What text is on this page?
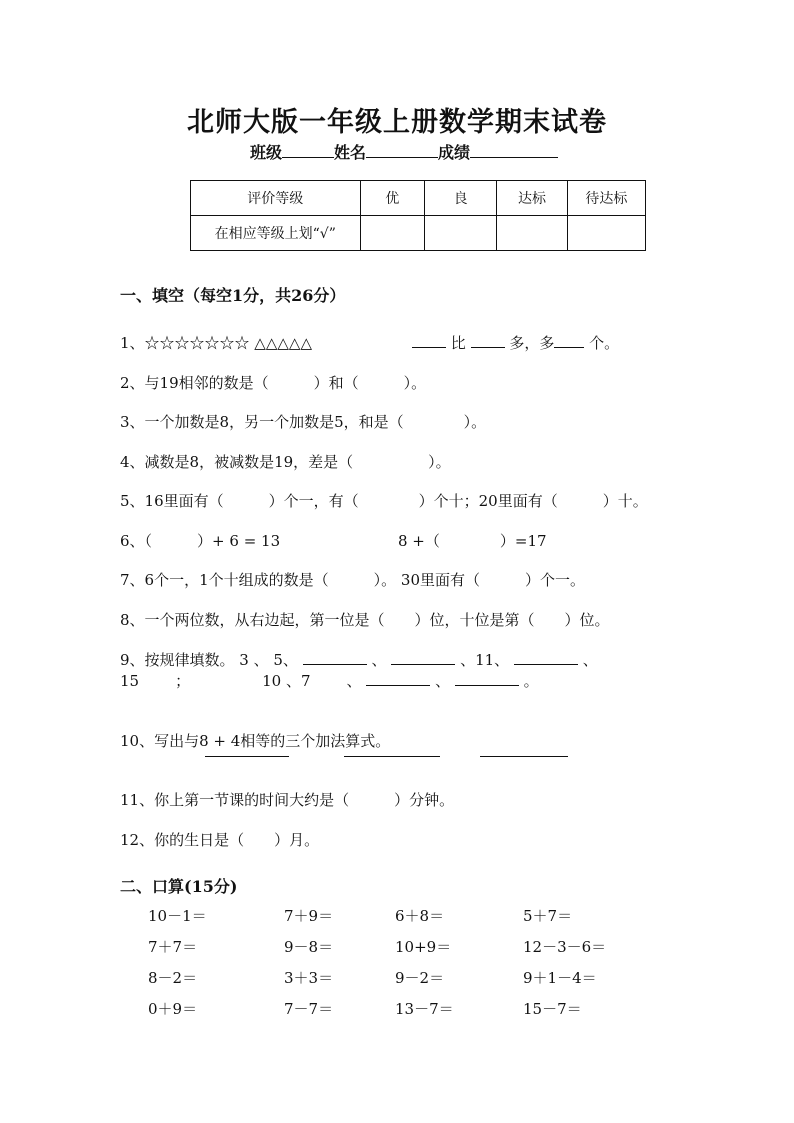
北师大版一年级上册数学期末试卷
班级	姓名	成绩
评价等级	优	良	达标	待达标
在相应等级上划“√”				
一、填空（每空1分，共26分）
1、☆☆☆☆☆☆☆ △△△△△	比	多，多 个。
2、与19相邻的数是（　　　）和（　　　）。
3、一个加数是8，另一个加数是5，和是（　　　　）。
4、减数是8，被减数是19，差是（　　　　　）。
5、16里面有（　　　）个一，有（　　　　）个十；20里面有（　　　）十。
6、（　　　）+ 6 = 13	8 +（　　　　）=17
7、6个一，1个十组成的数是（　　　）。 30里面有（　　　）个一。
8、一个两位数，从右边起，第一位是（　　）位，十位是第（　　）位。
9、按规律填数。 3 、 5、	、	、11、	、
15 ；	10 、7 、	、	。
10、写出与8 + 4相等的三个加法算式。
11、你上第一节课的时间大约是（　　　）分钟。
12、你的生日是（　　）月。
二、口算(15分)
10－1＝	7＋9＝	6＋8＝	5＋7＝
7＋7＝	9－8＝	10+9＝	12－3－6＝
8－2＝	3＋3＝	9－2＝	9＋1－4＝
0＋9＝	7－7＝	13－7＝	15－7＝
